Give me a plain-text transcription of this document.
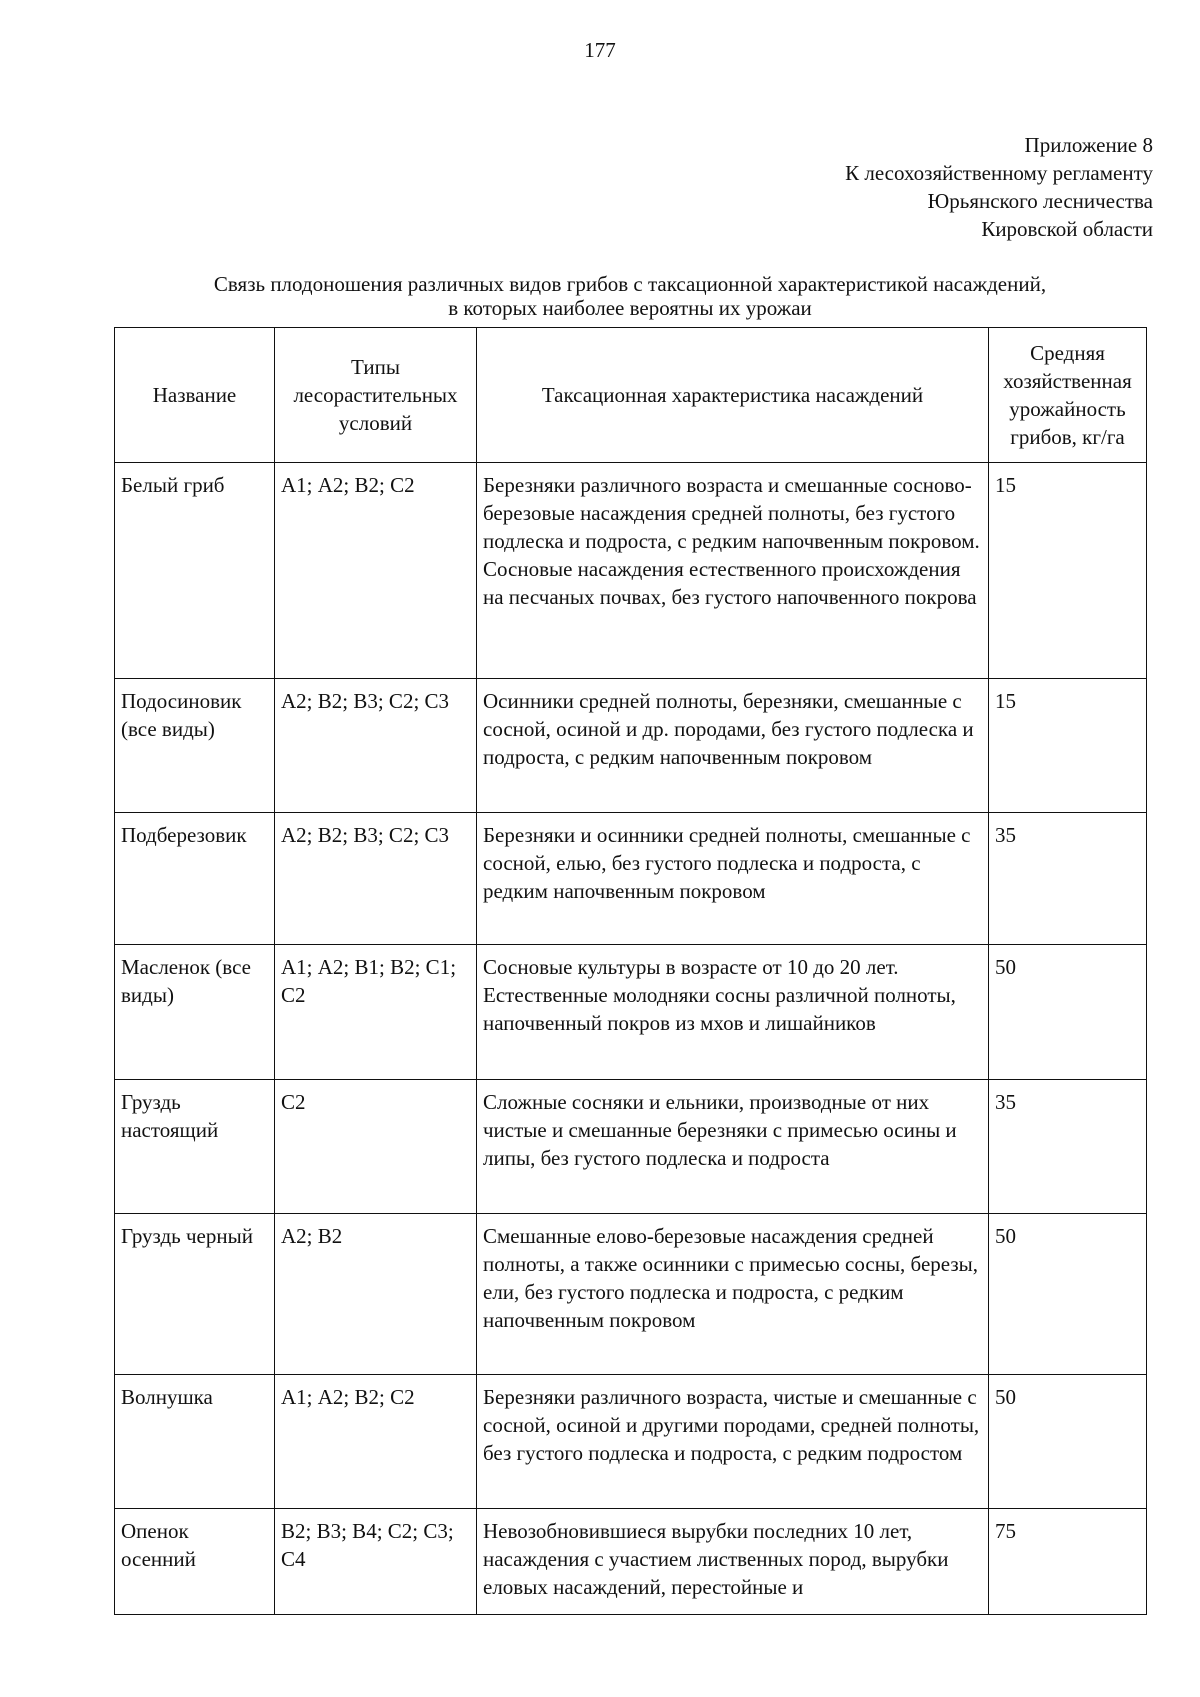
177
Приложение 8
К лесохозяйственному регламенту
Юрьянского лесничества
Кировской области
Связь плодоношения различных видов грибов с таксационной характеристикой насаждений,
в которых наиболее вероятны их урожаи
Название	Типы лесорастительных условий	Таксационная характеристика насаждений	Средняя хозяйственная урожайность грибов, кг/га
Белый гриб	А1; А2; В2; С2	Березняки различного возраста и смешанные сосново-березовые насаждения средней полноты, без густого подлеска и подроста, с редким напочвенным покровом. Сосновые насаждения естественного происхождения на песчаных почвах, без густого напочвенного покрова	15
Подосиновик (все виды)	А2; В2; В3; С2; С3	Осинники средней полноты, березняки, смешанные с сосной, осиной и др. породами, без густого подлеска и подроста, с редким напочвенным покровом	15
Подберезовик	А2; В2; В3; С2; С3	Березняки и осинники средней полноты, смешанные с сосной, елью, без густого подлеска и подроста, с редким напочвенным покровом	35
Масленок (все виды)	А1; А2; В1; В2; С1; С2	Сосновые культуры в возрасте от 10 до 20 лет. Естественные молодняки сосны различной полноты, напочвенный покров из мхов и лишайников	50
Груздь настоящий	С2	Сложные сосняки и ельники, производные от них чистые и смешанные березняки с примесью осины и липы, без густого подлеска и подроста	35
Груздь черный	А2; В2	Смешанные елово-березовые насаждения средней полноты, а также осинники с примесью сосны, березы, ели, без густого подлеска и подроста, с редким напочвенным покровом	50
Волнушка	А1; А2; В2; С2	Березняки различного возраста, чистые и смешанные с сосной, осиной и другими породами, средней полноты, без густого подлеска и подроста, с редким подростом	50
Опенок осенний	В2; В3; В4; С2; С3; С4	Невозобновившиеся вырубки последних 10 лет, насаждения с участием лиственных пород, вырубки еловых насаждений, перестойные и	75
